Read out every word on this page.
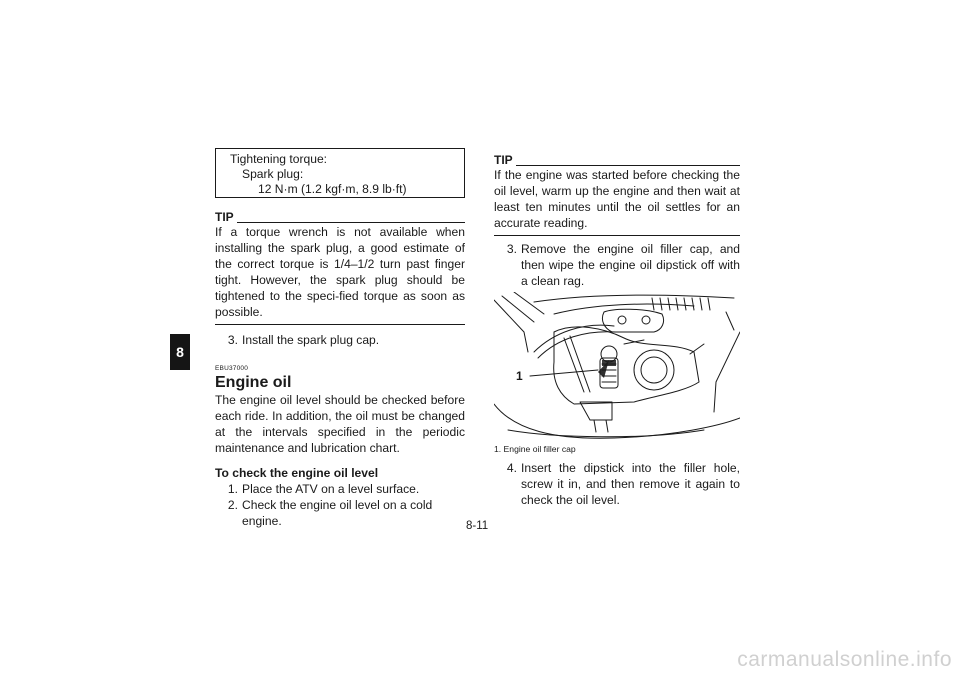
8
Tightening torque:
Spark plug:
12 N·m (1.2 kgf·m, 8.9 lb·ft)
TIP
If a torque wrench is not available when installing the spark plug, a good estimate of the correct torque is 1/4–1/2 turn past finger tight. However, the spark plug should be tightened to the speci-fied torque as soon as possible.
3. Install the spark plug cap.
EBU37000
Engine oil
The engine oil level should be checked before each ride. In addition, the oil must be changed at the intervals specified in the periodic maintenance and lubrication chart.
To check the engine oil level
1. Place the ATV on a level surface.
2. Check the engine oil level on a cold engine.
TIP
If the engine was started before checking the oil level, warm up the engine and then wait at least ten minutes until the oil settles for an accurate reading.
3. Remove the engine oil filler cap, and then wipe the engine oil dipstick off with a clean rag.
1
1. Engine oil filler cap
4. Insert the dipstick into the filler hole, screw it in, and then remove it again to check the oil level.
8-11
carmanualsonline.info
